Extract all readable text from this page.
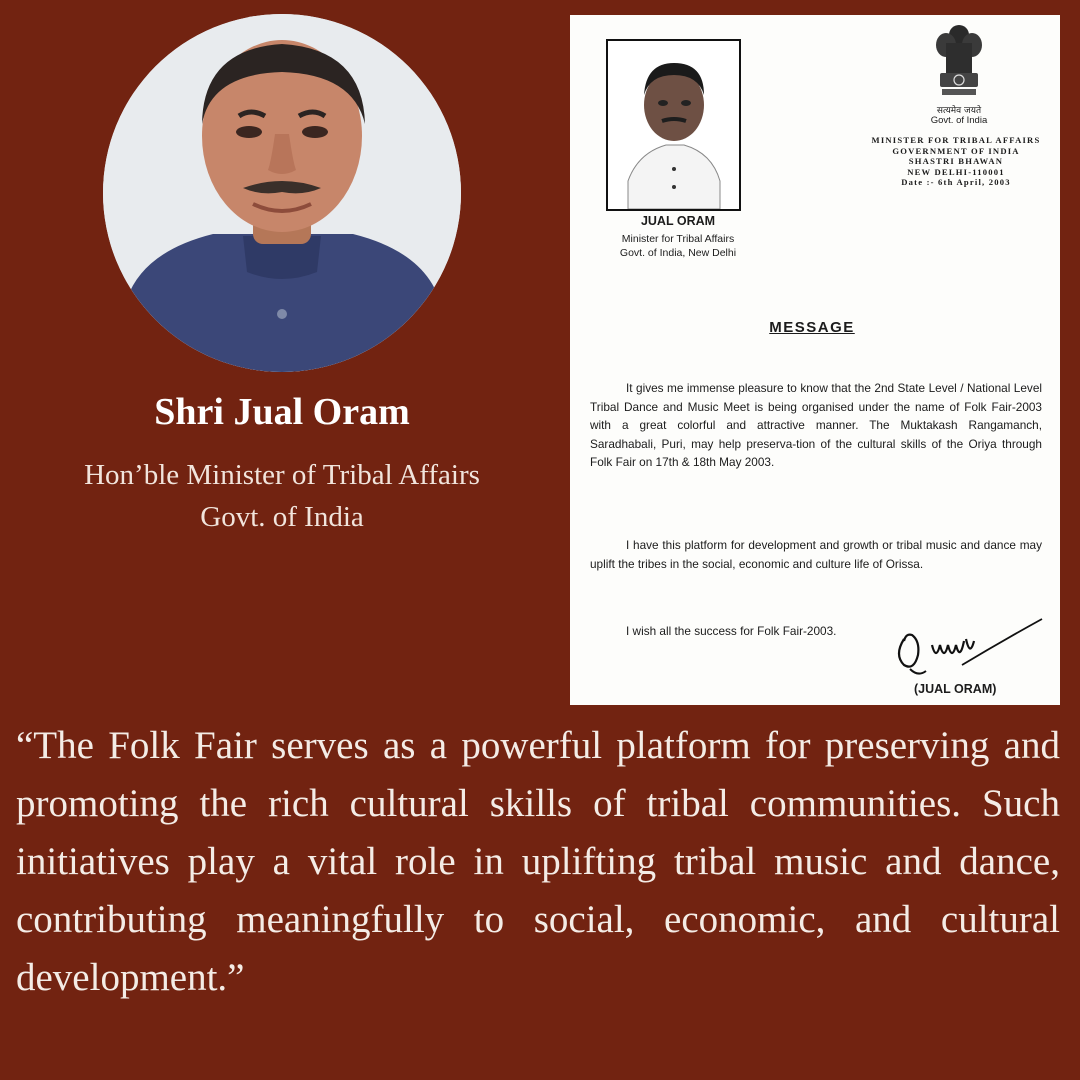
Shri Jual Oram
Hon’ble Minister of Tribal Affairs Govt. of India
JUAL ORAM
Minister for Tribal Affairs
Govt. of India, New Delhi
सत्यमेव जयते
Govt. of India
MINISTER FOR TRIBAL AFFAIRS
GOVERNMENT OF INDIA
SHASTRI BHAWAN
NEW DELHI-110001
Date :- 6th April, 2003
MESSAGE
It gives me immense pleasure to know that the 2nd State Level / National Level Tribal Dance and Music Meet is being organised under the name of Folk Fair-2003 with a great colorful and attractive manner. The Muktakash Rangamanch, Saradhabali, Puri, may help preserva-tion of the cultural skills of the Oriya through Folk Fair on 17th & 18th May 2003.
I have this platform for development and growth or tribal music and dance may uplift the tribes in the social, economic and culture life of Orissa.
I wish all the success for Folk Fair-2003.
(JUAL ORAM)
“The Folk Fair serves as a powerful platform for preserving and promoting the rich cultural skills of tribal communities. Such initiatives play a vital role in uplifting tribal music and dance, contributing meaningfully to social, economic, and cultural development.”
